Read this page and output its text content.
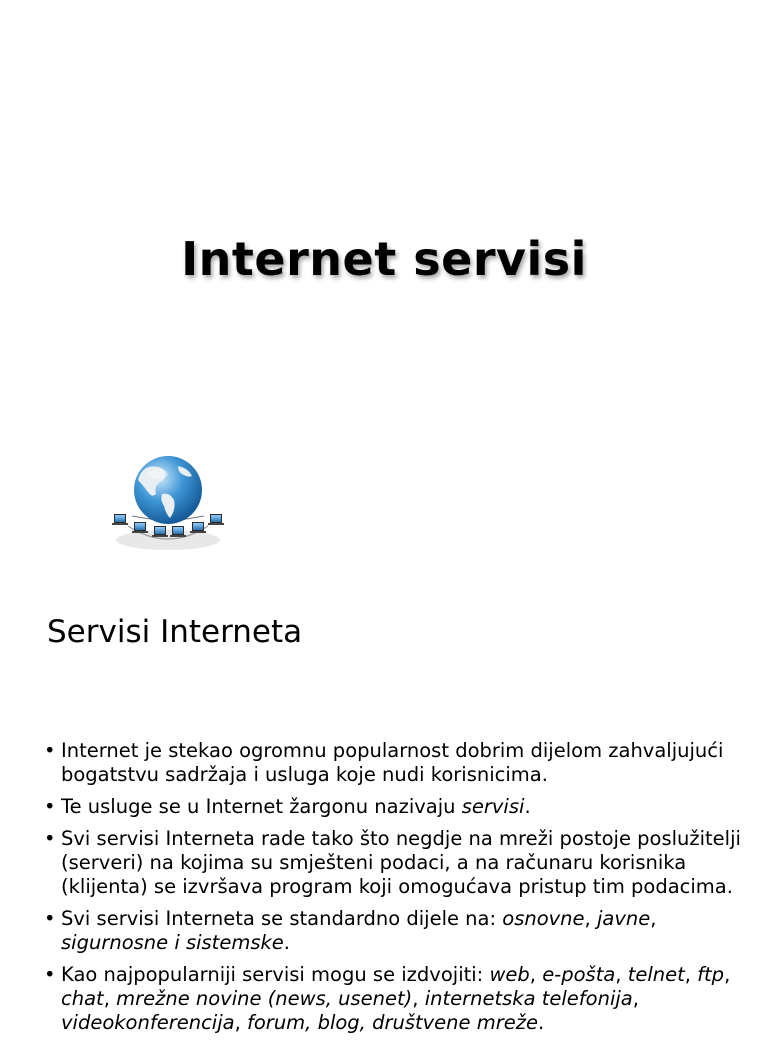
Internet servisi
Servisi Interneta
• Internet je stekao ogromnu popularnost dobrim dijelom zahvaljujući bogatstvu sadržaja i usluga koje nudi korisnicima.
• Te usluge se u Internet žargonu nazivaju servisi.
• Svi servisi Interneta rade tako što negdje na mreži postoje poslužitelji (serveri) na kojima su smješteni podaci, a na računaru korisnika (klijenta) se izvršava program koji omogućava pristup tim podacima.
• Svi servisi Interneta se standardno dijele na: osnovne, javne, sigurnosne i sistemske.
• Kao najpopularniji servisi mogu se izdvojiti: web, e-pošta, telnet, ftp, chat, mrežne novine (news, usenet), internetska telefonija, videokonferencija, forum, blog, društvene mreže.
